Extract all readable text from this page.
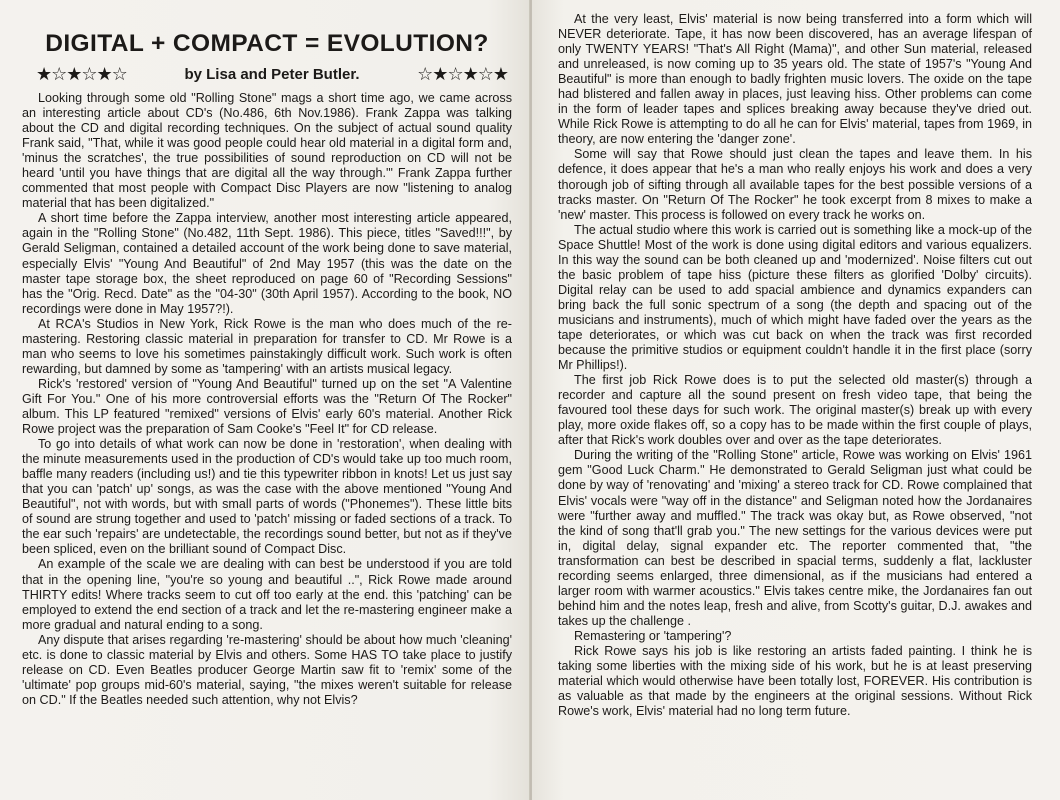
DIGITAL + COMPACT = EVOLUTION?
★☆★☆★☆	by Lisa and Peter Butler.	☆★☆★☆★

Looking through some old "Rolling Stone" mags a short time ago, we came across an interesting article about CD's (No.486, 6th Nov.1986). Frank Zappa was talking about the CD and digital recording techniques. On the subject of actual sound quality Frank said, "That, while it was good people could hear old material in a digital form and, 'minus the scratches', the true possibilities of sound reproduction on CD will not be heard 'until you have things that are digital all the way through.'" Frank Zappa further commented that most people with Compact Disc Players are now "listening to analog material that has been digitalized."

A short time before the Zappa interview, another most interesting article appeared, again in the "Rolling Stone" (No.482, 11th Sept. 1986). This piece, titles "Saved!!!", by Gerald Seligman, contained a detailed account of the work being done to save material, especially Elvis' "Young And Beautiful" of 2nd May 1957 (this was the date on the master tape storage box, the sheet reproduced on page 60 of "Recording Sessions" has the "Orig. Recd. Date" as the "04-30" (30th April 1957). According to the book, NO recordings were done in May 1957?!).

At RCA's Studios in New York, Rick Rowe is the man who does much of the re-mastering. Restoring classic material in preparation for transfer to CD. Mr Rowe is a man who seems to love his sometimes painstakingly difficult work. Such work is often rewarding, but damned by some as 'tampering' with an artists musical legacy.

Rick's 'restored' version of "Young And Beautiful" turned up on the set "A Valentine Gift For You." One of his more controversial efforts was the "Return Of The Rocker" album. This LP featured "remixed" versions of Elvis' early 60's material. Another Rick Rowe project was the preparation of Sam Cooke's "Feel It" for CD release.

To go into details of what work can now be done in 'restoration', when dealing with the minute measurements used in the production of CD's would take up too much room, baffle many readers (including us!) and tie this typewriter ribbon in knots! Let us just say that you can 'patch' up' songs, as was the case with the above mentioned "Young And Beautiful", not with words, but with small parts of words ("Phonemes"). These little bits of sound are strung together and used to 'patch' missing or faded sections of a track. To the ear such 'repairs' are undetectable, the recordings sound better, but not as if they've been spliced, even on the brilliant sound of Compact Disc.

An example of the scale we are dealing with can best be understood if you are told that in the opening line, "you're so young and beautiful ..", Rick Rowe made around THIRTY edits! Where tracks seem to cut off too early at the end. this 'patching' can be employed to extend the end section of a track and let the re-mastering engineer make a more gradual and natural ending to a song.

Any dispute that arises regarding 're-mastering' should be about how much 'cleaning' etc. is done to classic material by Elvis and others. Some HAS TO take place to justify release on CD. Even Beatles producer George Martin saw fit to 'remix' some of the 'ultimate' pop groups mid-60's material, saying, "the mixes weren't suitable for release on CD." If the Beatles needed such attention, why not Elvis?

At the very least, Elvis' material is now being transferred into a form which will NEVER deteriorate. Tape, it has now been discovered, has an average lifespan of only TWENTY YEARS! "That's All Right (Mama)", and other Sun material, released and unreleased, is now coming up to 35 years old. The state of 1957's "Young And Beautiful" is more than enough to badly frighten music lovers. The oxide on the tape had blistered and fallen away in places, just leaving hiss. Other problems can come in the form of leader tapes and splices breaking away because they've dried out. While Rick Rowe is attempting to do all he can for Elvis' material, tapes from 1969, in theory, are now entering the 'danger zone'.

Some will say that Rowe should just clean the tapes and leave them. In his defence, it does appear that he's a man who really enjoys his work and does a very thorough job of sifting through all available tapes for the best possible versions of a tracks master. On "Return Of The Rocker" he took excerpt from 8 mixes to make a 'new' master. This process is followed on every track he works on.

The actual studio where this work is carried out is something like a mock-up of the Space Shuttle! Most of the work is done using digital editors and various equalizers. In this way the sound can be both cleaned up and 'modernized'. Noise filters cut out the basic problem of tape hiss (picture these filters as glorified 'Dolby' circuits). Digital relay can be used to add spacial ambience and dynamics expanders can bring back the full sonic spectrum of a song (the depth and spacing out of the musicians and instruments), much of which might have faded over the years as the tape deteriorates, or which was cut back on when the track was first recorded because the primitive studios or equipment couldn't handle it in the first place (sorry Mr Phillips!).

The first job Rick Rowe does is to put the selected old master(s) through a recorder and capture all the sound present on fresh video tape, that being the favoured tool these days for such work. The original master(s) break up with every play, more oxide flakes off, so a copy has to be made within the first couple of plays, after that Rick's work doubles over and over as the tape deteriorates.

During the writing of the "Rolling Stone" article, Rowe was working on Elvis' 1961 gem "Good Luck Charm." He demonstrated to Gerald Seligman just what could be done by way of 'renovating' and 'mixing' a stereo track for CD. Rowe complained that Elvis' vocals were "way off in the distance" and Seligman noted how the Jordanaires were "further away and muffled." The track was okay but, as Rowe observed, "not the kind of song that'll grab you." The new settings for the various devices were put in, digital delay, signal expander etc. The reporter commented that, "the transformation can best be described in spacial terms, suddenly a flat, lackluster recording seems enlarged, three dimensional, as if the musicians had entered a larger room with warmer acoustics." Elvis takes centre mike, the Jordanaires fan out behind him and the notes leap, fresh and alive, from Scotty's guitar, D.J. awakes and takes up the challenge .

Remastering or 'tampering'?

Rick Rowe says his job is like restoring an artists faded painting. I think he is taking some liberties with the mixing side of his work, but he is at least preserving material which would otherwise have been totally lost, FOREVER. His contribution is as valuable as that made by the engineers at the original sessions. Without Rick Rowe's work, Elvis' material had no long term future.
